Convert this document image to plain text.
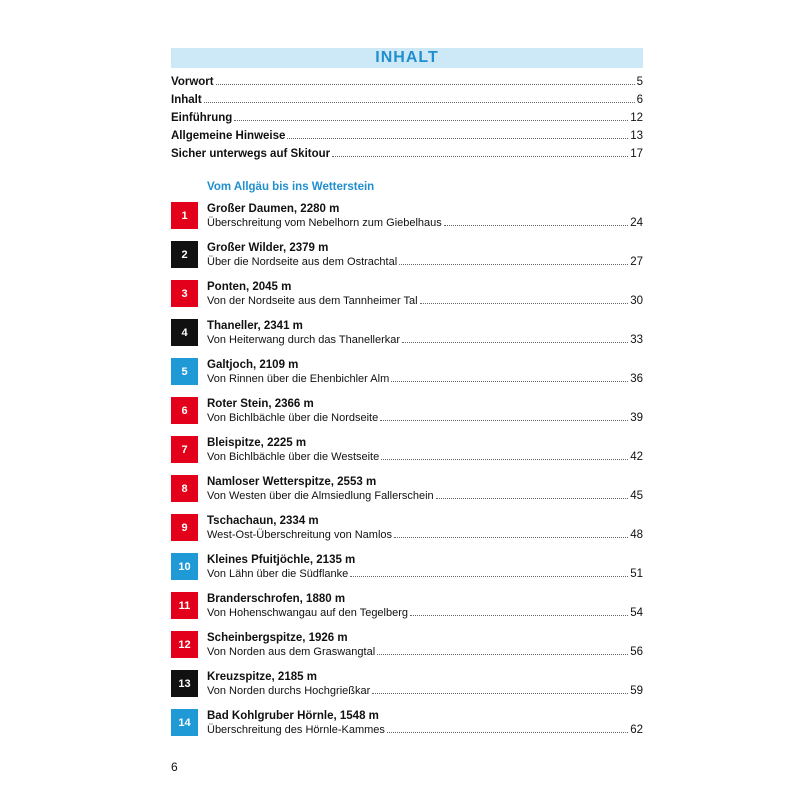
INHALT
Vorwort	5
Inhalt	6
Einführung	12
Allgemeine Hinweise	13
Sicher unterwegs auf Skitour	17
Vom Allgäu bis ins Wetterstein
1
Großer Daumen, 2280 m
Überschreitung vom Nebelhorn zum Giebelhaus	24
2
Großer Wilder, 2379 m
Über die Nordseite aus dem Ostrachtal	27
3
Ponten, 2045 m
Von der Nordseite aus dem Tannheimer Tal	30
4
Thaneller, 2341 m
Von Heiterwang durch das Thanellerkar	33
5
Galtjoch, 2109 m
Von Rinnen über die Ehenbichler Alm	36
6
Roter Stein, 2366 m
Von Bichlbächle über die Nordseite	39
7
Bleispitze, 2225 m
Von Bichlbächle über die Westseite	42
8
Namloser Wetterspitze, 2553 m
Von Westen über die Almsiedlung Fallerschein	45
9
Tschachaun, 2334 m
West-Ost-Überschreitung von Namlos	48
10
Kleines Pfuitjöchle, 2135 m
Von Lähn über die Südflanke	51
11
Branderschrofen, 1880 m
Von Hohenschwangau auf den Tegelberg	54
12
Scheinbergspitze, 1926 m
Von Norden aus dem Graswangtal	56
13
Kreuzspitze, 2185 m
Von Norden durchs Hochgrießkar	59
14
Bad Kohlgruber Hörnle, 1548 m
Überschreitung des Hörnle-Kammes	62
6
